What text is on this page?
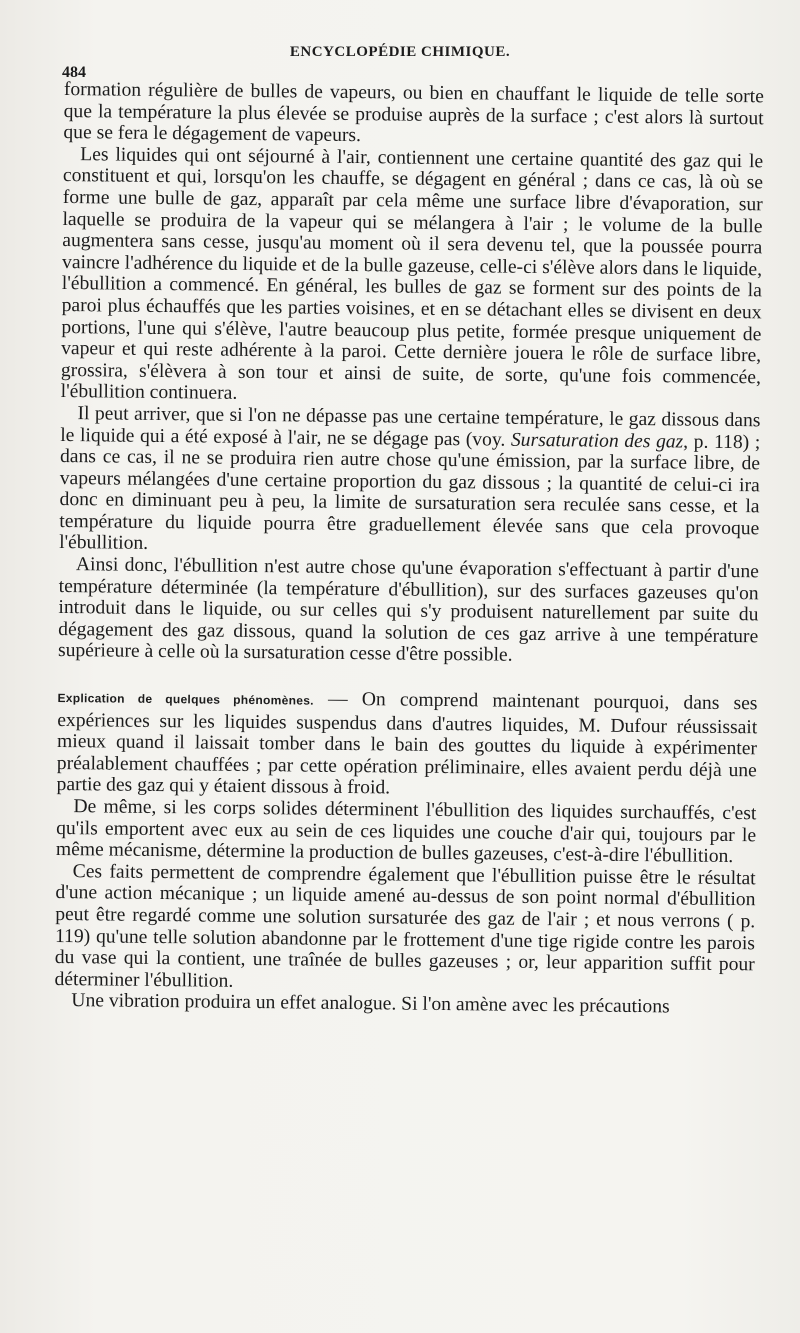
ENCYCLOPÉDIE CHIMIQUE.
484

formation régulière de bulles de vapeurs, ou bien en chauffant le liquide de telle sorte que la température la plus élevée se produise auprès de la surface ; c'est alors là surtout que se fera le dégagement de vapeurs.

Les liquides qui ont séjourné à l'air, contiennent une certaine quantité des gaz qui le constituent et qui, lorsqu'on les chauffe, se dégagent en général ; dans ce cas, là où se forme une bulle de gaz, apparaît par cela même une surface libre d'évaporation, sur laquelle se produira de la vapeur qui se mélangera à l'air ; le volume de la bulle augmentera sans cesse, jusqu'au moment où il sera devenu tel, que la poussée pourra vaincre l'adhérence du liquide et de la bulle gazeuse, celle-ci s'élève alors dans le liquide, l'ébullition a commencé. En général, les bulles de gaz se forment sur des points de la paroi plus échauffés que les parties voisines, et en se détachant elles se divisent en deux portions, l'une qui s'élève, l'autre beaucoup plus petite, formée presque uniquement de vapeur et qui reste adhérente à la paroi. Cette dernière jouera le rôle de surface libre, grossira, s'élèvera à son tour et ainsi de suite, de sorte, qu'une fois commencée, l'ébullition continuera.

Il peut arriver, que si l'on ne dépasse pas une certaine température, le gaz dissous dans le liquide qui a été exposé à l'air, ne se dégage pas (voy. Sursaturation des gaz, p. 118) ; dans ce cas, il ne se produira rien autre chose qu'une émission, par la surface libre, de vapeurs mélangées d'une certaine proportion du gaz dissous ; la quantité de celui-ci ira donc en diminuant peu à peu, la limite de sursaturation sera reculée sans cesse, et la température du liquide pourra être graduellement élevée sans que cela provoque l'ébullition.

Ainsi donc, l'ébullition n'est autre chose qu'une évaporation s'effectuant à partir d'une température déterminée (la température d'ébullition), sur des surfaces gazeuses qu'on introduit dans le liquide, ou sur celles qui s'y produisent naturellement par suite du dégagement des gaz dissous, quand la solution de ces gaz arrive à une température supérieure à celle où la sursaturation cesse d'être possible.

Explication de quelques phénomènes. — On comprend maintenant pourquoi, dans ses expériences sur les liquides suspendus dans d'autres liquides, M. Dufour réussissait mieux quand il laissait tomber dans le bain des gouttes du liquide à expérimenter préalablement chauffées ; par cette opération préliminaire, elles avaient perdu déjà une partie des gaz qui y étaient dissous à froid.

De même, si les corps solides déterminent l'ébullition des liquides surchauffés, c'est qu'ils emportent avec eux au sein de ces liquides une couche d'air qui, toujours par le même mécanisme, détermine la production de bulles gazeuses, c'est-à-dire l'ébullition.

Ces faits permettent de comprendre également que l'ébullition puisse être le résultat d'une action mécanique ; un liquide amené au-dessus de son point normal d'ébullition peut être regardé comme une solution sursaturée des gaz de l'air ; et nous verrons ( p. 119) qu'une telle solution abandonne par le frottement d'une tige rigide contre les parois du vase qui la contient, une traînée de bulles gazeuses ; or, leur apparition suffit pour déterminer l'ébullition.

Une vibration produira un effet analogue. Si l'on amène avec les précautions
